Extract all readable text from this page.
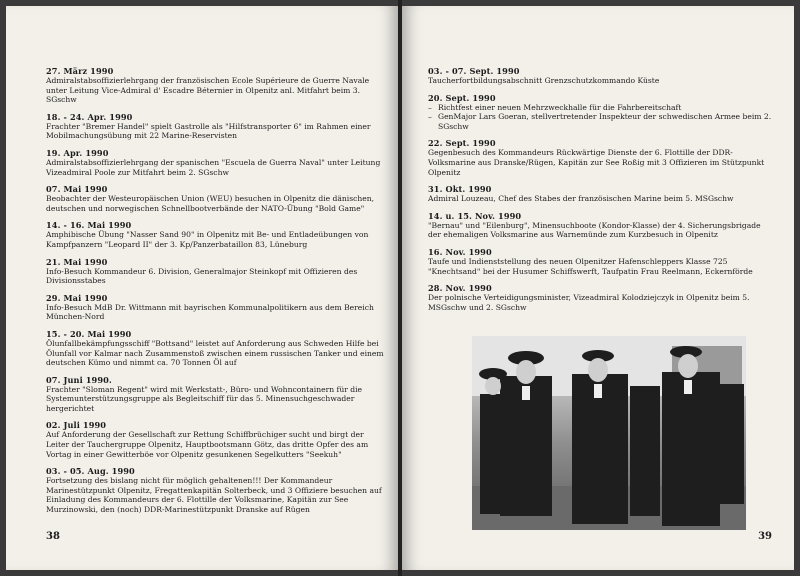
27. März 1990
Admiralstabsoffizierlehrgang der französischen Ecole Supérieure de Guerre Navale unter Leitung Vice-Admiral d' Escadre Béternier in Olpenitz anl. Mitfahrt beim 3. SGschw
18. - 24. Apr. 1990
Frachter "Bremer Handel" spielt Gastrolle als "Hilfstransporter 6" im Rahmen einer Mobilmachungsübung mit 22 Marine-Reservisten
19. Apr. 1990
Admiralstabsoffizierlehrgang der spanischen "Escuela de Guerra Naval" unter Leitung Vizeadmiral Poole zur Mitfahrt beim 2. SGschw
07. Mai 1990
Beobachter der Westeuropäischen Union (WEU) besuchen in Olpenitz die dänischen, deutschen und norwegischen Schnellbootverbände der NATO-Übung "Bold Game"
14. - 16. Mai 1990
Amphibische Übung "Nasser Sand 90" in Olpenitz mit Be- und Entladeübungen von Kampfpanzern "Leopard II" der 3. Kp/Panzerbataillon 83, Lüneburg
21. Mai 1990
Info-Besuch Kommandeur 6. Division, Generalmajor Steinkopf mit Offizieren des Divisionsstabes
29. Mai 1990
Info-Besuch MdB Dr. Wittmann mit bayrischen Kommunalpolitikern aus dem Bereich München-Nord
15. - 20. Mai 1990
Ölunfallbekämpfungsschiff "Bottsand" leistet auf Anforderung aus Schweden Hilfe bei Ölunfall vor Kalmar nach Zusammenstoß zwischen einem russischen Tanker und einem deutschen Kümo und nimmt ca. 70 Tonnen Öl auf
07. Juni 1990.
Frachter "Sloman Regent" wird mit Werkstatt-, Büro- und Wohncontainern für die Systemunterstützungsgruppe als Begleitschiff für das 5. Minensuchgeschwader hergerichtet
02. Juli 1990
Auf Anforderung der Gesellschaft zur Rettung Schiffbrüchiger sucht und birgt der Leiter der Tauchergruppe Olpenitz, Hauptbootsmann Götz, das dritte Opfer des am Vortag in einer Gewitterböe vor Olpenitz gesunkenen Segelkutters "Seekuh"
03. - 05. Aug. 1990
Fortsetzung des bislang nicht für möglich gehaltenen!!! Der Kommandeur Marinestützpunkt Olpenitz, Fregattenkapitän Solterbeck, und 3 Offiziere besuchen auf Einladung des Kommandeurs der 6. Flottille der Volksmarine, Kapitän zur See Murzinowski, den (noch) DDR-Marinestützpunkt Dranske auf Rügen
38
03. - 07. Sept. 1990
Taucherfortbildungsabschnitt Grenzschutzkommando Küste
20. Sept. 1990
– Richtfest einer neuen Mehrzweckhalle für die Fahrbereitschaft
– GenMajor Lars Goeran, stellvertretender Inspekteur der schwedischen Armee beim 2. SGschw
22. Sept. 1990
Gegenbesuch des Kommandeurs Rückwärtige Dienste der 6. Flottille der DDR-Volksmarine aus Dranske/Rügen, Kapitän zur See Roßig mit 3 Offizieren im Stützpunkt Olpenitz
31. Okt. 1990
Admiral Louzeau, Chef des Stabes der französischen Marine beim 5. MSGschw
14. u. 15. Nov. 1990
"Bernau" und "Eilenburg", Minensuchboote (Kondor-Klasse) der 4. Sicherungsbrigade der ehemaligen Volksmarine aus Warnemünde zum Kurzbesuch in Olpenitz
16. Nov. 1990
Taufe und Indienststellung des neuen Olpenitzer Hafenschleppers Klasse 725 "Knechtsand" bei der Husumer Schiffswerft, Taufpatin Frau Reelmann, Eckernförde
28. Nov. 1990
Der polnische Verteidigungsminister, Vizeadmiral Kolodziejczyk in Olpenitz beim 5. MSGschw und 2. SGschw
39
